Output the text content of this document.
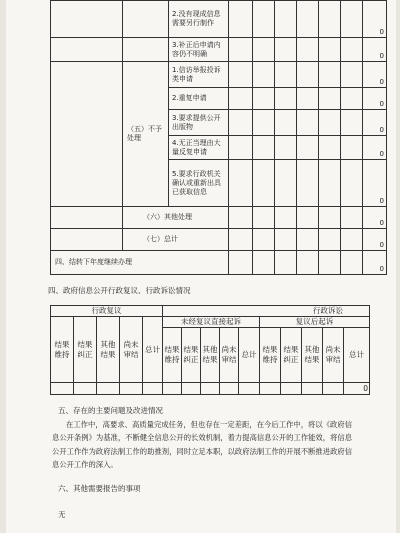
		2.没有现成信息需要另行制作							0
		3.补正后申请内容仍不明确							0
	（五）不予处理	1.信访举报投诉类申请							0
		2.重复申请							0
		3.要求提供公开出版物							0
		4.无正当理由大量反复申请							0
		5.要求行政机关确认或重新出具已获取信息							0
	（六）其他处理								0
	（七）总计								0
四、结转下年度继续办理									0
四、政府信息公开行政复议、行政诉讼情况
行政复议					行政诉讼									
结果维持	结果纠正	其他结果	尚未审结	总计	未经复议直接起诉					复议后起诉				
					结果维持	结果纠正	其他结果	尚未审结	总计	结果维持	结果纠正	其他结果	尚未审结	总计
														0
五、存在的主要问题及改进情况
在工作中，高要求、高质量完成任务，但也存在一定差距，在今后工作中，将以《政府信息公开条例》为基准，不断健全信息公开的长效机制，着力提高信息公开的工作能效，将信息公开工作作为政府法制工作的助推剂，同时立足本职，以政府法制工作的开展不断推进政府信息公开工作的深入。
六、其他需要报告的事项
无
